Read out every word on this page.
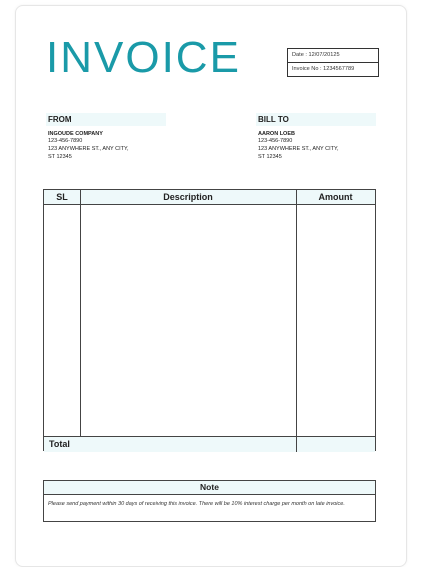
INVOICE	Date : 12/07/20125
Invoice No : 1234567789
FROM
INGOUDE COMPANY
123-456-7890
123 ANYWHERE ST., ANY CITY,
ST 12345
BILL TO
AARON LOEB
123-456-7890
123 ANYWHERE ST., ANY CITY,
ST 12345
SL	Description	Amount
Total
Note
Please send payment within 30 days of receiving this invoice. There will be 10% interest charge per month on late invoice.
